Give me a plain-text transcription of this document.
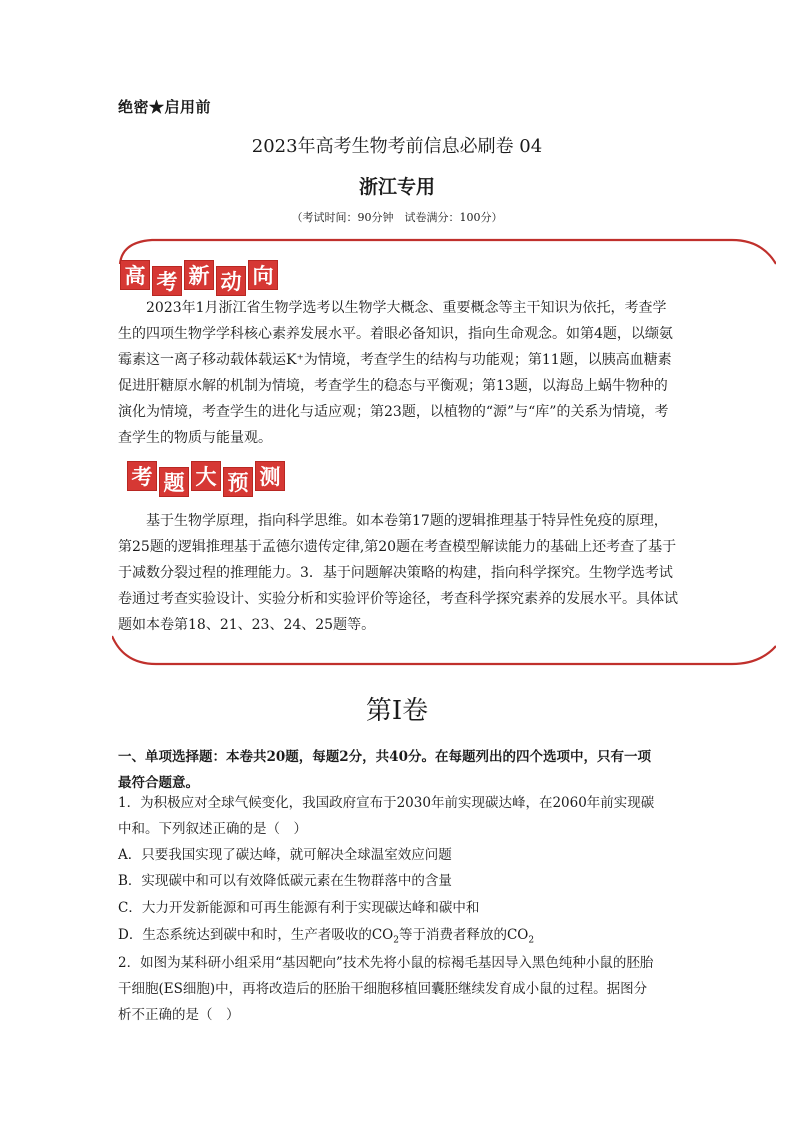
绝密★启用前
2023年高考生物考前信息必刷卷 04
浙江专用
（考试时间：90分钟　试卷满分：100分）
高 考 新 动 向
　　2023年1月浙江省生物学选考以生物学大概念、重要概念等主干知识为依托，考查学
生的四项生物学学科核心素养发展水平。着眼必备知识，指向生命观念。如第4题，以缬氨
霉素这一离子移动载体载运K⁺为情境，考查学生的结构与功能观；第11题，以胰高血糖素
促进肝糖原水解的机制为情境，考查学生的稳态与平衡观；第13题，以海岛上蜗牛物种的
演化为情境，考查学生的进化与适应观；第23题，以植物的“源”与“库”的关系为情境，考
查学生的物质与能量观。
考 题 大 预 测
　　基于生物学原理，指向科学思维。如本卷第17题的逻辑推理基于特异性免疫的原理，
第25题的逻辑推理基于孟德尔遗传定律,第20题在考查模型解读能力的基础上还考查了基于
于减数分裂过程的推理能力。3．基于问题解决策略的构建，指向科学探究。生物学选考试
卷通过考查实验设计、实验分析和实验评价等途径，考查科学探究素养的发展水平。具体试
题如本卷第18、21、23、24、25题等。
第Ⅰ卷
一、单项选择题：本卷共20题，每题2分，共40分。在每题列出的四个选项中，只有一项
最符合题意。
1．为积极应对全球气候变化，我国政府宣布于2030年前实现碳达峰，在2060年前实现碳
中和。下列叙述正确的是（　）
A．只要我国实现了碳达峰，就可解决全球温室效应问题
B．实现碳中和可以有效降低碳元素在生物群落中的含量
C．大力开发新能源和可再生能源有利于实现碳达峰和碳中和
D．生态系统达到碳中和时，生产者吸收的$CO_2$等于消费者释放的$CO_2$
2．如图为某科研小组采用“基因靶向”技术先将小鼠的棕褐毛基因导入黑色纯种小鼠的胚胎
干细胞(ES细胞)中，再将改造后的胚胎干细胞移植回囊胚继续发育成小鼠的过程。据图分
析不正确的是（　）
